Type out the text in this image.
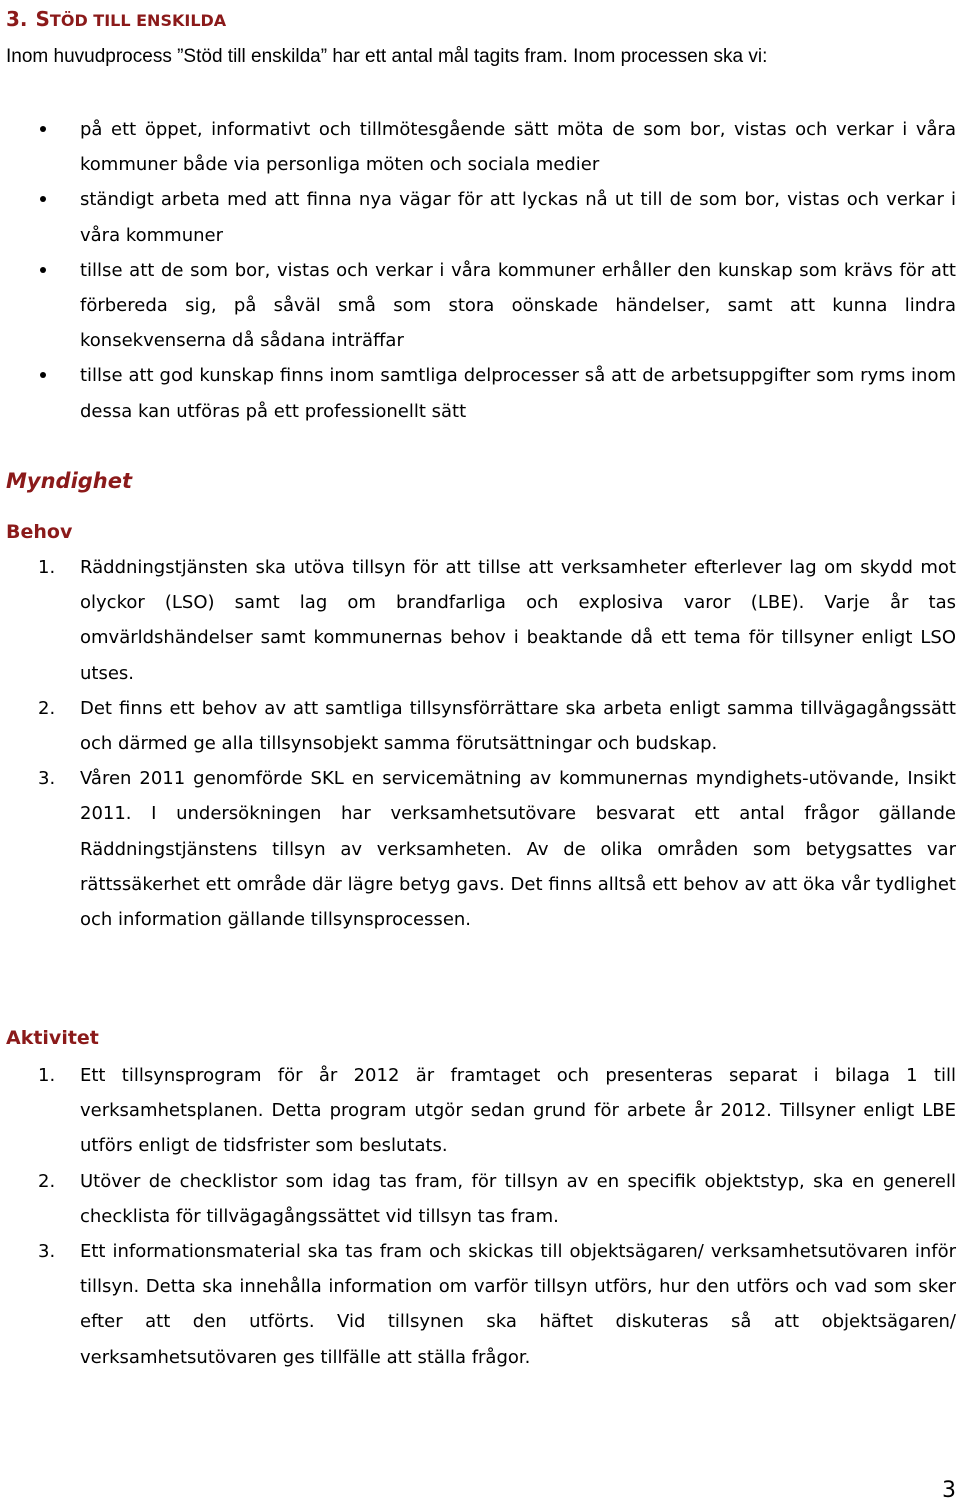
3. STÖD TILL ENSKILDA
Inom huvudprocess ”Stöd till enskilda” har ett antal mål tagits fram. Inom processen ska vi:
på ett öppet, informativt och tillmötesgående sätt möta de som bor, vistas och verkar i våra kommuner både via personliga möten och sociala medier
ständigt arbeta med att finna nya vägar för att lyckas nå ut till de som bor, vistas och verkar i våra kommuner
tillse att de som bor, vistas och verkar i våra kommuner erhåller den kunskap som krävs för att förbereda sig, på såväl små som stora oönskade händelser, samt att kunna lindra konsekvenserna då sådana inträffar
tillse att god kunskap finns inom samtliga delprocesser så att de arbetsuppgifter som ryms inom dessa kan utföras på ett professionellt sätt
Myndighet
Behov
1. Räddningstjänsten ska utöva tillsyn för att tillse att verksamheter efterlever lag om skydd mot olyckor (LSO) samt lag om brandfarliga och explosiva varor (LBE). Varje år tas omvärldshändelser samt kommunernas behov i beaktande då ett tema för tillsyner enligt LSO utses.
2. Det finns ett behov av att samtliga tillsynsförrättare ska arbeta enligt samma tillvägagångssätt och därmed ge alla tillsynsobjekt samma förutsättningar och budskap.
3. Våren 2011 genomförde SKL en servicemätning av kommunernas myndighets-utövande, Insikt 2011. I undersökningen har verksamhetsutövare besvarat ett antal frågor gällande Räddningstjänstens tillsyn av verksamheten. Av de olika områden som betygsattes var rättssäkerhet ett område där lägre betyg gavs. Det finns alltså ett behov av att öka vår tydlighet och information gällande tillsynsprocessen.
Aktivitet
1. Ett tillsynsprogram för år 2012 är framtaget och presenteras separat i bilaga 1 till verksamhetsplanen. Detta program utgör sedan grund för arbete år 2012. Tillsyner enligt LBE utförs enligt de tidsfrister som beslutats.
2. Utöver de checklistor som idag tas fram, för tillsyn av en specifik objektstyp, ska en generell checklista för tillvägagångssättet vid tillsyn tas fram.
3. Ett informationsmaterial ska tas fram och skickas till objektsägaren/ verksamhetsutövaren inför tillsyn. Detta ska innehålla information om varför tillsyn utförs, hur den utförs och vad som sker efter att den utförts. Vid tillsynen ska häftet diskuteras så att objektsägaren/ verksamhetsutövaren ges tillfälle att ställa frågor.
3
